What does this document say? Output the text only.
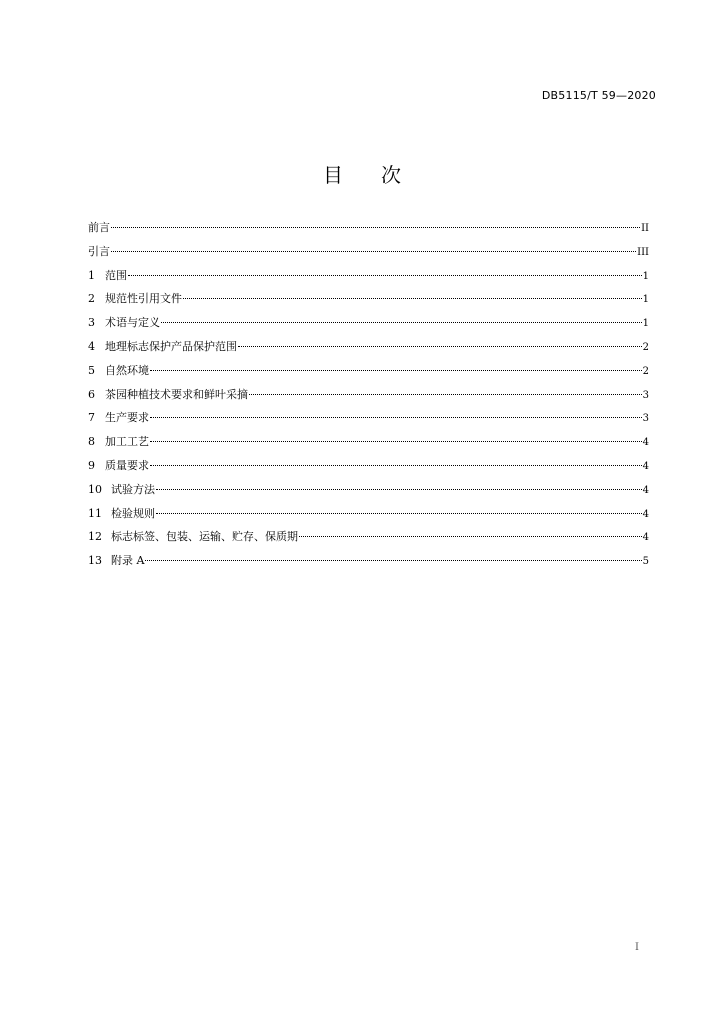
DB5115/T 59—2020
目 次
前言	II
引言	III
1 范围	1
2 规范性引用文件	1
3 术语与定义	1
4 地理标志保护产品保护范围	2
5 自然环境	2
6 茶园种植技术要求和鲜叶采摘	3
7 生产要求	3
8 加工工艺	4
9 质量要求	4
10 试验方法	4
11 检验规则	4
12 标志标签、包装、运输、贮存、保质期	4
13 附录 A	5
I
